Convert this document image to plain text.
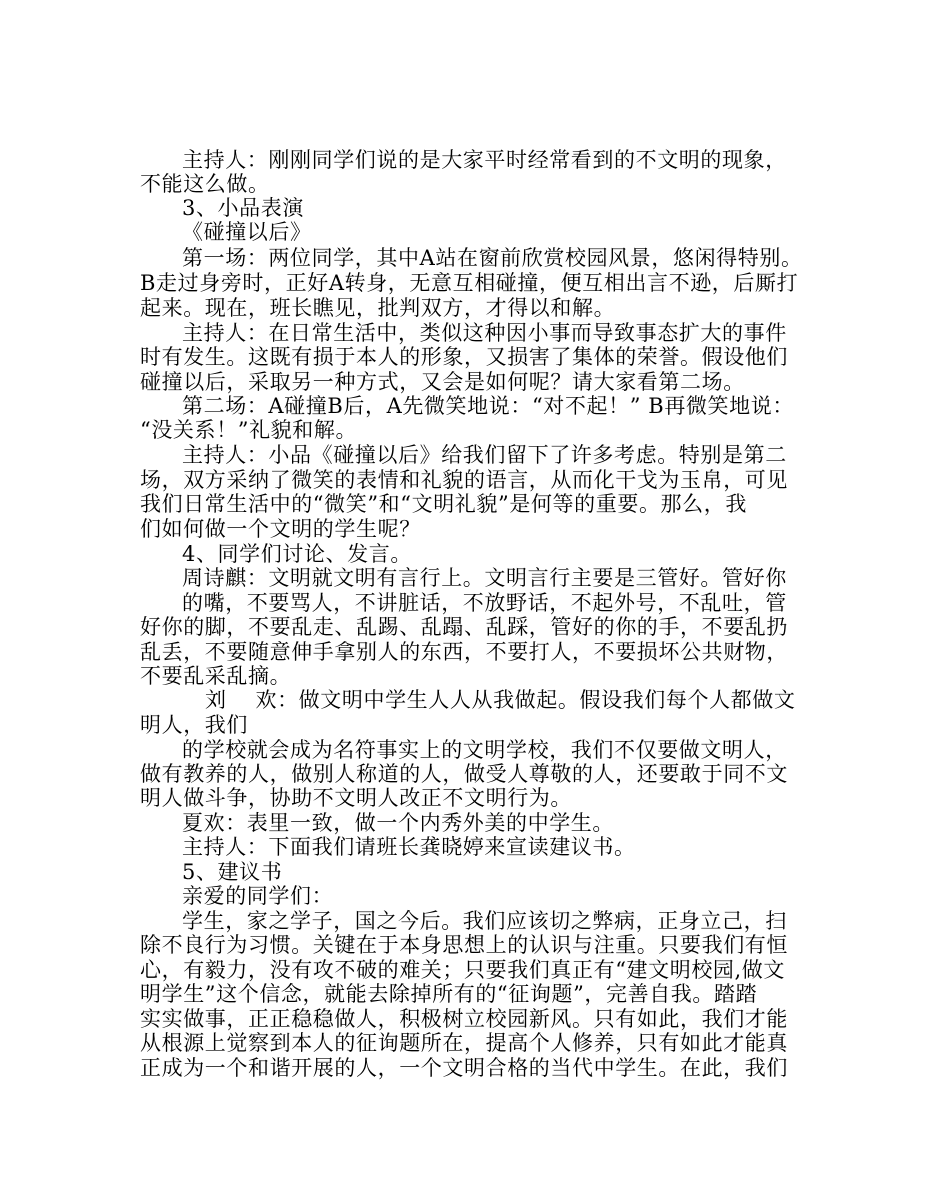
主持人：刚刚同学们说的是大家平时经常看到的不文明的现象，
不能这么做。
3、小品表演
《碰撞以后》
第一场：两位同学，其中A站在窗前欣赏校园风景，悠闲得特别。
B走过身旁时，正好A转身，无意互相碰撞，便互相出言不逊，后厮打
起来。现在，班长瞧见，批判双方，才得以和解。
主持人：在日常生活中，类似这种因小事而导致事态扩大的事件
时有发生。这既有损于本人的形象，又损害了集体的荣誉。假设他们
碰撞以后，采取另一种方式，又会是如何呢？请大家看第二场。
第二场：A碰撞B后，A先微笑地说：“对不起！” B再微笑地说：
“没关系！”礼貌和解。
主持人：小品《碰撞以后》给我们留下了许多考虑。特别是第二
场，双方采纳了微笑的表情和礼貌的语言，从而化干戈为玉帛，可见
我们日常生活中的“微笑”和“文明礼貌”是何等的重要。那么，我
们如何做一个文明的学生呢？
4、同学们讨论、发言。
周诗麒：文明就文明有言行上。文明言行主要是三管好。管好你
的嘴，不要骂人，不讲脏话，不放野话，不起外号，不乱吐，管
好你的脚，不要乱走、乱踢、乱蹋、乱踩，管好的你的手，不要乱扔
乱丢，不要随意伸手拿别人的东西，不要打人，不要损坏公共财物，
不要乱采乱摘。
刘　 欢：做文明中学生人人从我做起。假设我们每个人都做文
明人，我们
的学校就会成为名符事实上的文明学校，我们不仅要做文明人，
做有教养的人，做别人称道的人，做受人尊敬的人，还要敢于同不文
明人做斗争，协助不文明人改正不文明行为。
夏欢：表里一致，做一个内秀外美的中学生。
主持人：下面我们请班长龚晓婷来宣读建议书。
5、建议书
亲爱的同学们：
学生，家之学子，国之今后。我们应该切之弊病，正身立己，扫
除不良行为习惯。关键在于本身思想上的认识与注重。只要我们有恒
心，有毅力，没有攻不破的难关；只要我们真正有“建文明校园,做文
明学生”这个信念，就能去除掉所有的“征询题”，完善自我。踏踏
实实做事，正正稳稳做人，积极树立校园新风。只有如此，我们才能
从根源上觉察到本人的征询题所在，提高个人修养，只有如此才能真
正成为一个和谐开展的人，一个文明合格的当代中学生。在此，我们
